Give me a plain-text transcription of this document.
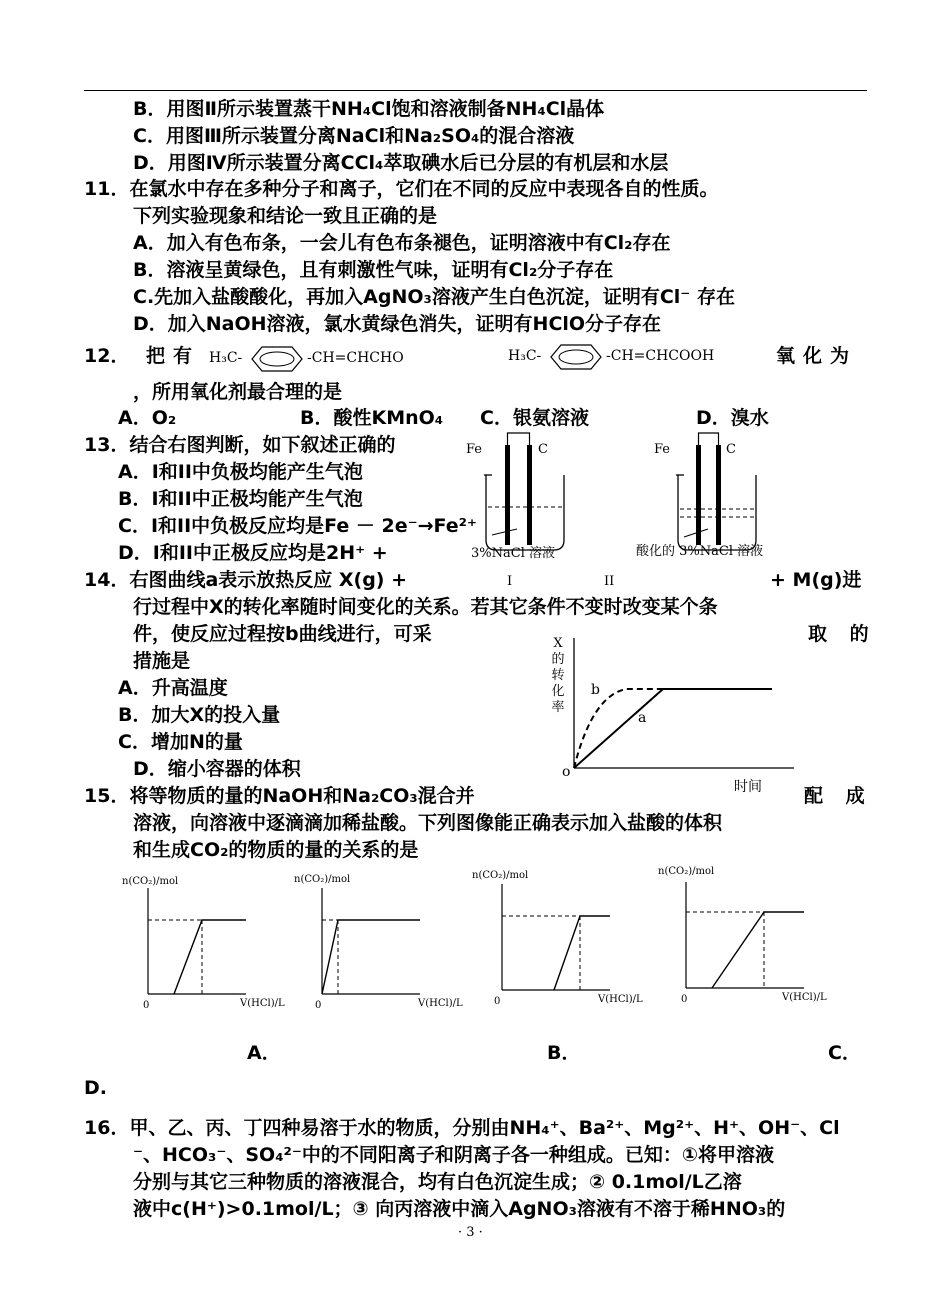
B．用图Ⅱ所示装置蒸干NH₄Cl饱和溶液制备NH₄Cl晶体
C．用图Ⅲ所示装置分离NaCl和Na₂SO₄的混合溶液
D．用图Ⅳ所示装置分离CCl₄萃取碘水后已分层的有机层和水层
11．在氯水中存在多种分子和离子，它们在不同的反应中表现各自的性质。
下列实验现象和结论一致且正确的是
A．加入有色布条，一会儿有色布条褪色，证明溶液中有Cl₂存在
B．溶液呈黄绿色，且有刺激性气味，证明有Cl₂分子存在
C.先加入盐酸酸化，再加入AgNO₃溶液产生白色沉淀，证明有Cl⁻ 存在
D．加入NaOH溶液，氯水黄绿色消失，证明有HClO分子存在
12． 把有 H₃C-	-CH=CHCHO	H₃C-	-CH=CHCOOH	氧化为
，所用氧化剂最合理的是
A．O₂	B．酸性KMnO₄ C．银氨溶液	D．溴水
13．结合右图判断，如下叙述正确的
A．I和II中负极均能产生气泡
B．I和II中正极均能产生气泡
C．I和II中负极反应均是Fe － 2e⁻→Fe²⁺
D．I和II中正极反应均是2H⁺ +
Fe	C
3%NaCl 溶液
I
Fe	C
酸化的 3%NaCl 溶液
II
14．右图曲线a表示放热反应 X(g) +	+ M(g)进
行过程中X的转化率随时间变化的关系。若其它条件不变时改变某个条
件，使反应过程按b曲线进行，可采	取 的
措施是
A．升高温度
B．加大X的投入量
C．增加N的量
D．缩小容器的体积
X
的
转
化
率
b
a
o
时间
15．将等物质的量的NaOH和Na₂CO₃混合并	配 成
溶液，向溶液中逐滴滴加稀盐酸。下列图像能正确表示加入盐酸的体积
和生成CO₂的物质的量的关系的是
n(CO₂)/mol
V(HCl)/L
0
n(CO₂)/mol
V(HCl)/L
0
n(CO₂)/mol
V(HCl)/L
0
n(CO₂)/mol
V(HCl)/L
0
A．	B．	C．
D.
16．甲、乙、丙、丁四种易溶于水的物质，分别由NH₄⁺、Ba²⁺、Mg²⁺、H⁺、OH⁻、Cl
⁻、HCO₃⁻、SO₄²⁻中的不同阳离子和阴离子各一种组成。已知：①将甲溶液
分别与其它三种物质的溶液混合，均有白色沉淀生成；② 0.1mol/L乙溶
液中c(H⁺)>0.1mol/L；③ 向丙溶液中滴入AgNO₃溶液有不溶于稀HNO₃的
· 3 ·
